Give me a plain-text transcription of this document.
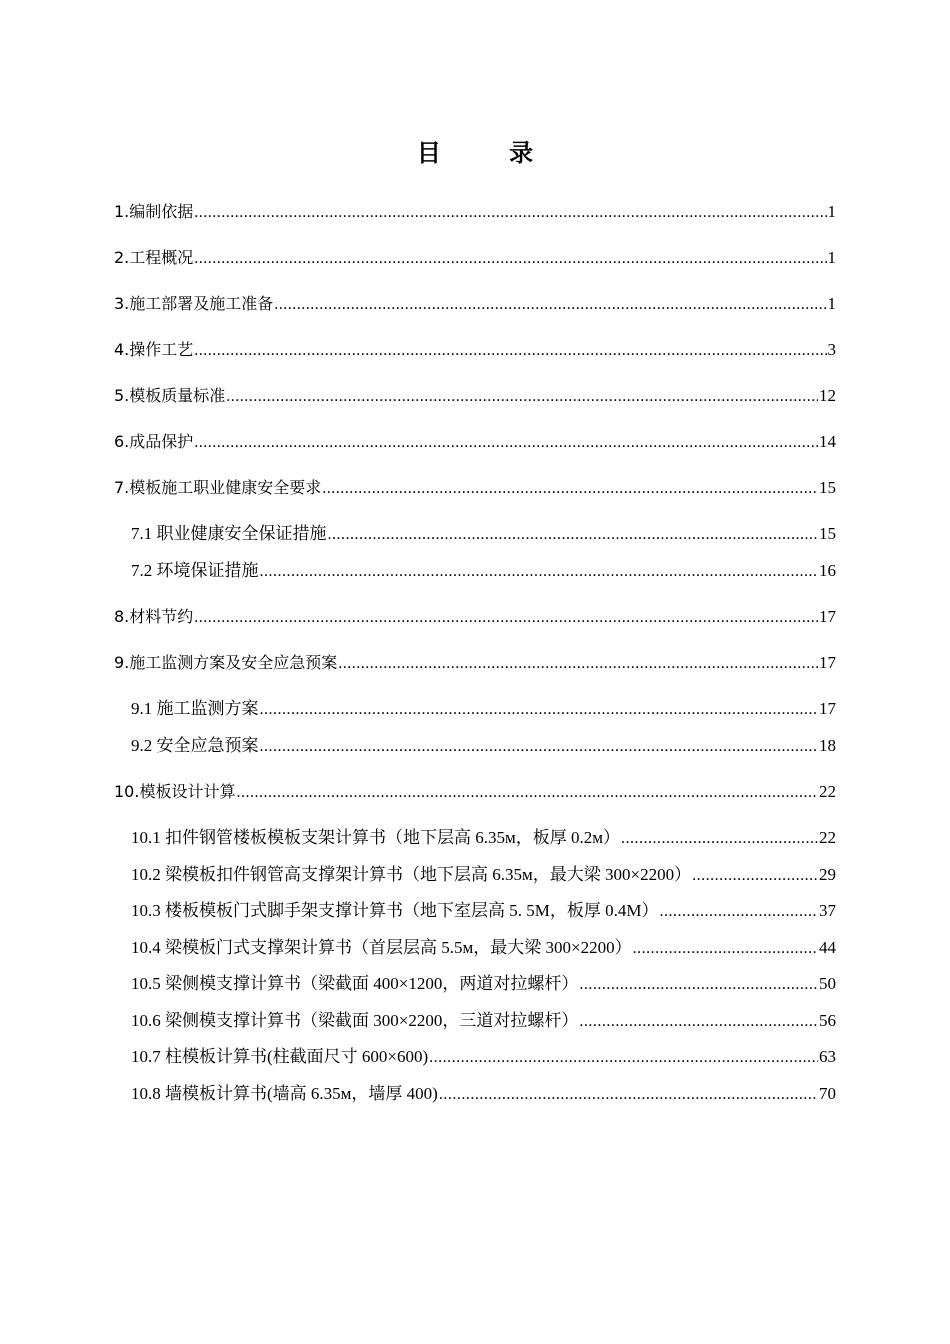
目 录
1.编制依据 .....	1
2.工程概况 .....	1
3.施工部署及施工准备 .....	1
4.操作工艺 .....	3
5.模板质量标准 .....	12
6.成品保护 .....	14
7.模板施工职业健康安全要求 .....	15
7.1 职业健康安全保证措施 .....	15
7.2 环境保证措施 .....	16
8.材料节约 .....	17
9.施工监测方案及安全应急预案 .....	17
9.1 施工监测方案 .....	17
9.2 安全应急预案 .....	18
10.模板设计计算 .....	22
10.1 扣件钢管楼板模板支架计算书（地下层高 6.35м，板厚 0.2м） .....	22
10.2 梁模板扣件钢管高支撑架计算书（地下层高 6.35м，最大梁 300×2200） .....	29
10.3 楼板模板门式脚手架支撑计算书（地下室层高 5. 5M，板厚 0.4M） .....	37
10.4 梁模板门式支撑架计算书（首层层高 5.5м，最大梁 300×2200） .....	44
10.5 梁侧模支撑计算书（梁截面 400×1200，两道对拉螺杆） .....	50
10.6 梁侧模支撑计算书（梁截面 300×2200，三道对拉螺杆） .....	56
10.7 柱模板计算书(柱截面尺寸 600×600) .....	63
10.8 墙模板计算书(墙高 6.35м，墙厚 400) .....	70
